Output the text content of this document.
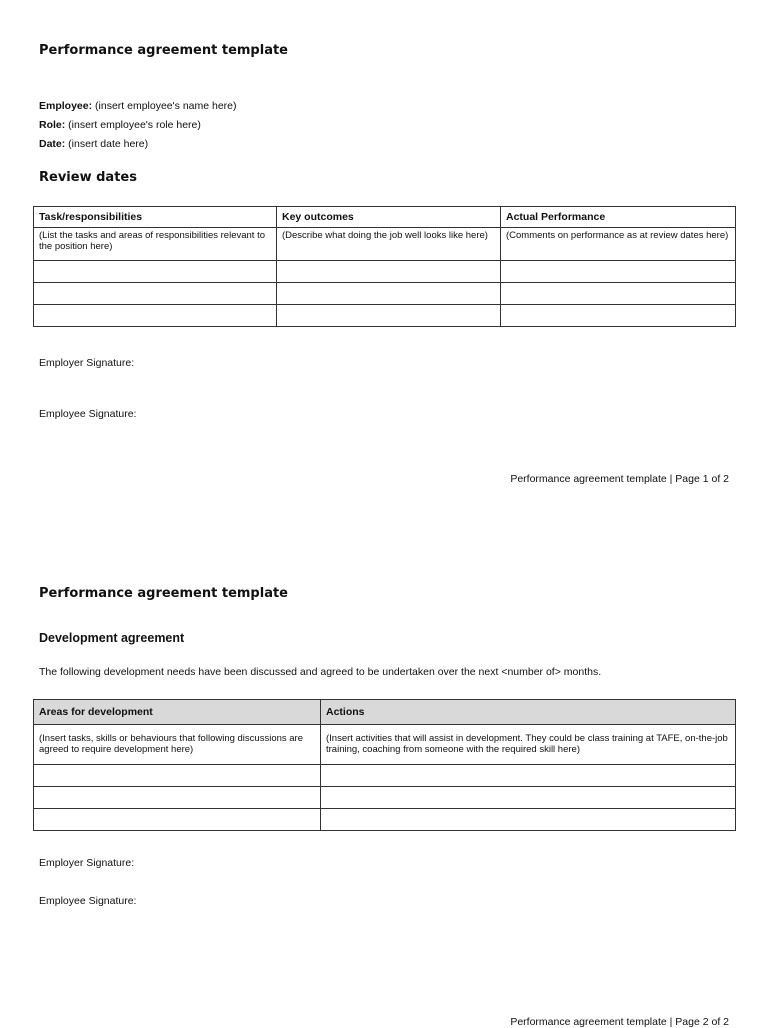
Performance agreement template
Employee: (insert employee's name here)
Role: (insert employee's role here)
Date: (insert date here)
Review dates
Task/responsibilities	Key outcomes	Actual Performance
(List the tasks and areas of responsibilities relevant to the position here)	(Describe what doing the job well looks like here)	(Comments on performance as at review dates here)

Employer Signature:
Employee Signature:
Performance agreement template | Page 1 of 2
Performance agreement template
Development agreement
The following development needs have been discussed and agreed to be undertaken over the next <number of> months.
Areas for development	Actions
(Insert tasks, skills or behaviours that following discussions are agreed to require development here)	(Insert activities that will assist in development. They could be class training at TAFE, on-the-job training, coaching from someone with the required skill here)

Employer Signature:
Employee Signature:
Performance agreement template | Page 2 of 2
